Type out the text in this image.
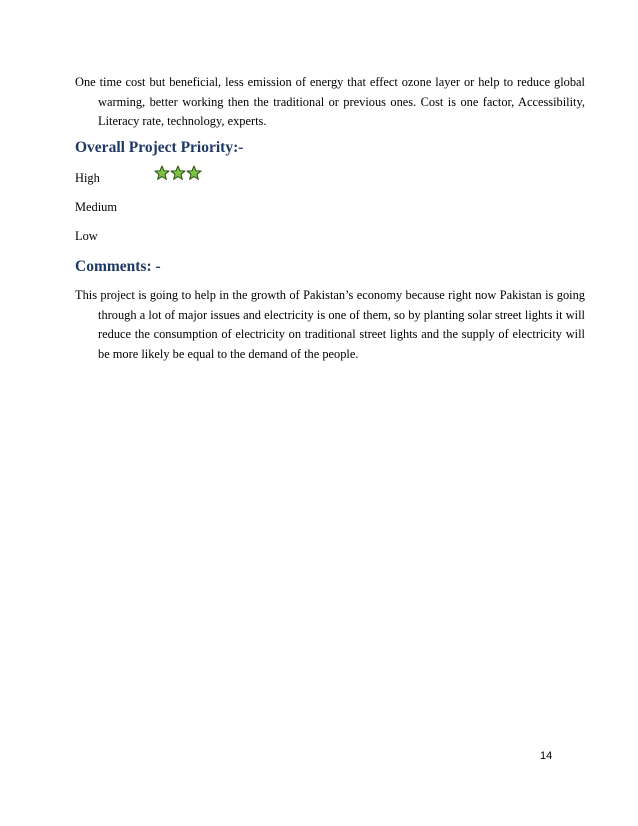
One time cost but beneficial, less emission of energy that effect ozone layer or help to reduce global warming, better working then the traditional or previous ones. Cost is one factor, Accessibility, Literacy rate, technology, experts.

Overall Project Priority:-

High

Medium

Low

Comments: -

This project is going to help in the growth of Pakistan’s economy because right now Pakistan is going through a lot of major issues and electricity is one of them, so by planting solar street lights it will reduce the consumption of electricity on traditional street lights and the supply of electricity will be more likely be equal to the demand of the people.

14
